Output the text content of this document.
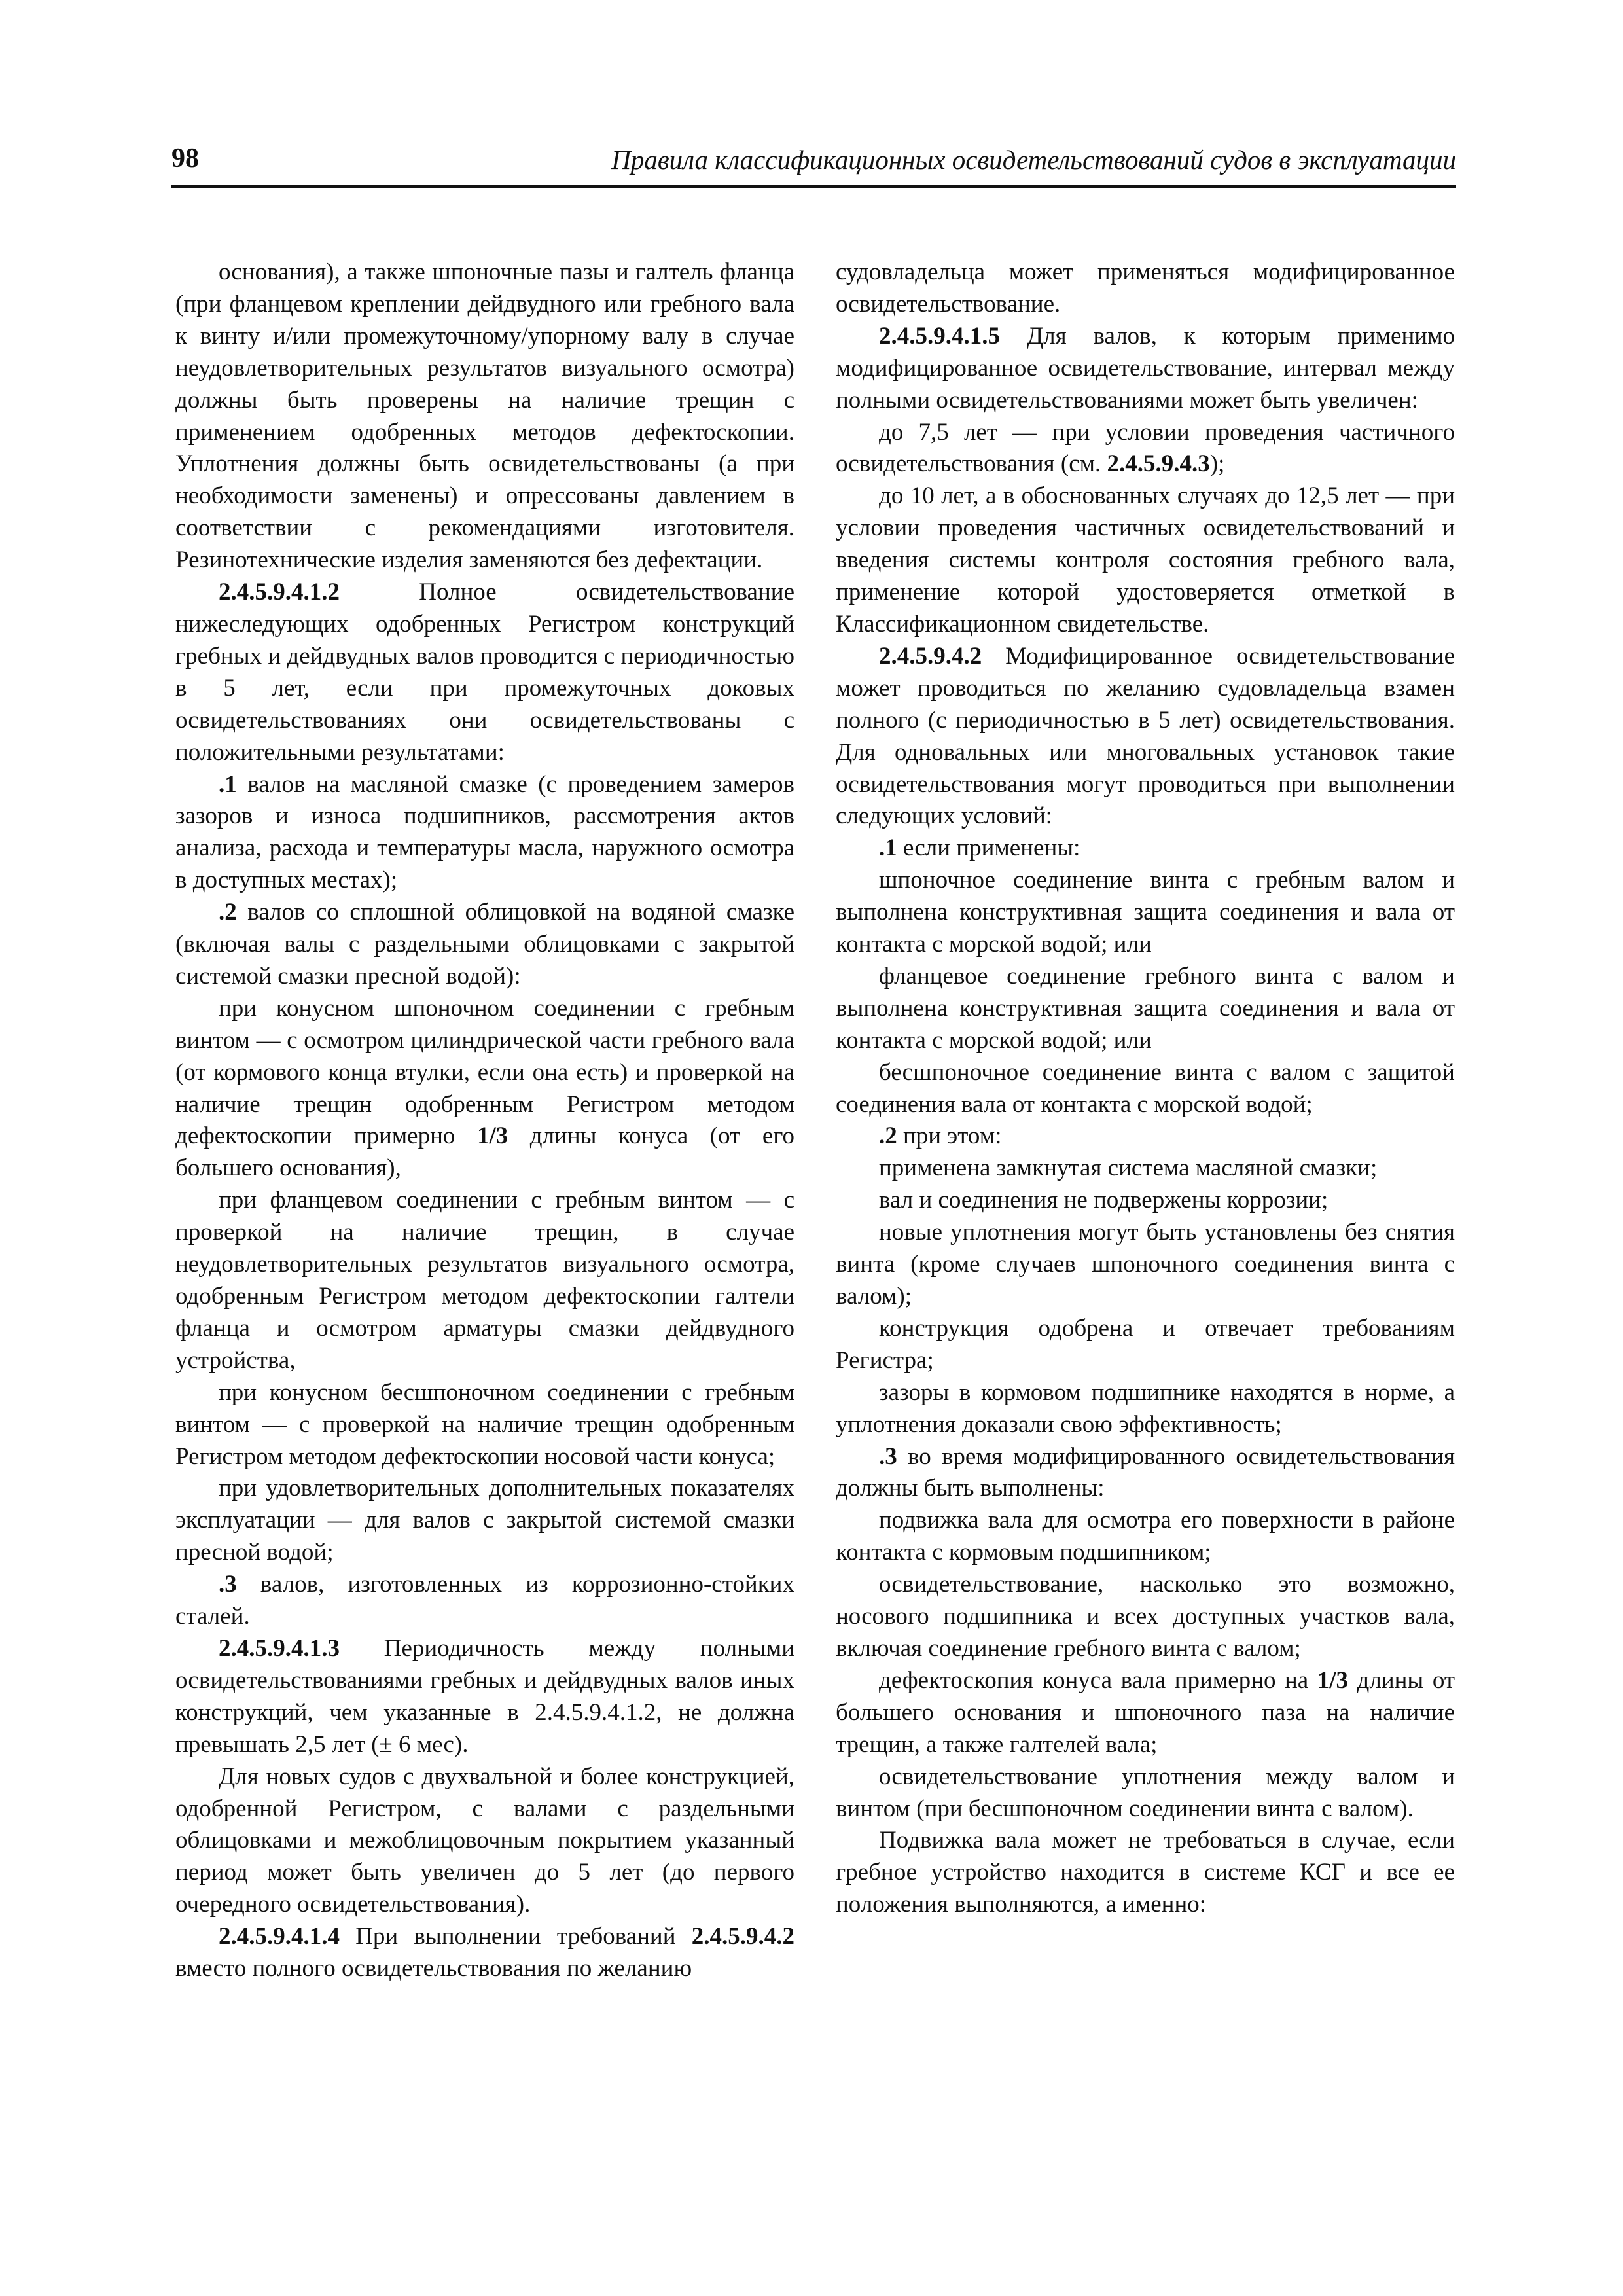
98	Правила классификационных освидетельствований судов в эксплуатации

основания), а также шпоночные пазы и галтель фланца (при фланцевом креплении дейдвудного или гребного вала к винту и/или промежуточному/упорному валу в случае неудовлетворительных результатов визуального осмотра) должны быть проверены на наличие трещин с применением одобренных методов дефектоскопии. Уплотнения должны быть освидетельствованы (а при необходимости заменены) и опрессованы давлением в соответствии с рекомендациями изготовителя. Резинотехнические изделия заменяются без дефектации.

2.4.5.9.4.1.2 Полное освидетельствование нижеследующих одобренных Регистром конструкций гребных и дейдвудных валов проводится с периодичностью в 5 лет, если при промежуточных доковых освидетельствованиях они освидетельствованы с положительными результатами:

.1 валов на масляной смазке (с проведением замеров зазоров и износа подшипников, рассмотрения актов анализа, расхода и температуры масла, наружного осмотра в доступных местах);

.2 валов со сплошной облицовкой на водяной смазке (включая валы с раздельными облицовками с закрытой системой смазки пресной водой):

при конусном шпоночном соединении с гребным винтом — с осмотром цилиндрической части гребного вала (от кормового конца втулки, если она есть) и проверкой на наличие трещин одобренным Регистром методом дефектоскопии примерно 1/3 длины конуса (от его большего основания),

при фланцевом соединении с гребным винтом — с проверкой на наличие трещин, в случае неудовлетворительных результатов визуального осмотра, одобренным Регистром методом дефектоскопии галтели фланца и осмотром арматуры смазки дейдвудного устройства,

при конусном бесшпоночном соединении с гребным винтом — с проверкой на наличие трещин одобренным Регистром методом дефектоскопии носовой части конуса;

при удовлетворительных дополнительных показателях эксплуатации — для валов с закрытой системой смазки пресной водой;

.3 валов, изготовленных из коррозионно-стойких сталей.

2.4.5.9.4.1.3 Периодичность между полными освидетельствованиями гребных и дейдвудных валов иных конструкций, чем указанные в 2.4.5.9.4.1.2, не должна превышать 2,5 лет (± 6 мес).

Для новых судов с двухвальной и более конструкцией, одобренной Регистром, с валами с раздельными облицовками и межоблицовочным покрытием указанный период может быть увеличен до 5 лет (до первого очередного освидетельствования).

2.4.5.9.4.1.4 При выполнении требований 2.4.5.9.4.2 вместо полного освидетельствования по желанию

судовладельца может применяться модифицированное освидетельствование.

2.4.5.9.4.1.5 Для валов, к которым применимо модифицированное освидетельствование, интервал между полными освидетельствованиями может быть увеличен:

до 7,5 лет — при условии проведения частичного освидетельствования (см. 2.4.5.9.4.3);

до 10 лет, а в обоснованных случаях до 12,5 лет — при условии проведения частичных освидетельствований и введения системы контроля состояния гребного вала, применение которой удостоверяется отметкой в Классификационном свидетельстве.

2.4.5.9.4.2 Модифицированное освидетельствование может проводиться по желанию судовладельца взамен полного (с периодичностью в 5 лет) освидетельствования. Для одновальных или многовальных установок такие освидетельствования могут проводиться при выполнении следующих условий:

.1 если применены:

шпоночное соединение винта с гребным валом и выполнена конструктивная защита соединения и вала от контакта с морской водой; или

фланцевое соединение гребного винта с валом и выполнена конструктивная защита соединения и вала от контакта с морской водой; или

бесшпоночное соединение винта с валом с защитой соединения вала от контакта с морской водой;

.2 при этом:

применена замкнутая система масляной смазки;

вал и соединения не подвержены коррозии;

новые уплотнения могут быть установлены без снятия винта (кроме случаев шпоночного соединения винта с валом);

конструкция одобрена и отвечает требованиям Регистра;

зазоры в кормовом подшипнике находятся в норме, а уплотнения доказали свою эффективность;

.3 во время модифицированного освидетельствования должны быть выполнены:

подвижка вала для осмотра его поверхности в районе контакта с кормовым подшипником;

освидетельствование, насколько это возможно, носового подшипника и всех доступных участков вала, включая соединение гребного винта с валом;

дефектоскопия конуса вала примерно на 1/3 длины от большего основания и шпоночного паза на наличие трещин, а также галтелей вала;

освидетельствование уплотнения между валом и винтом (при бесшпоночном соединении винта с валом).

Подвижка вала может не требоваться в случае, если гребное устройство находится в системе КСГ и все ее положения выполняются, а именно:
